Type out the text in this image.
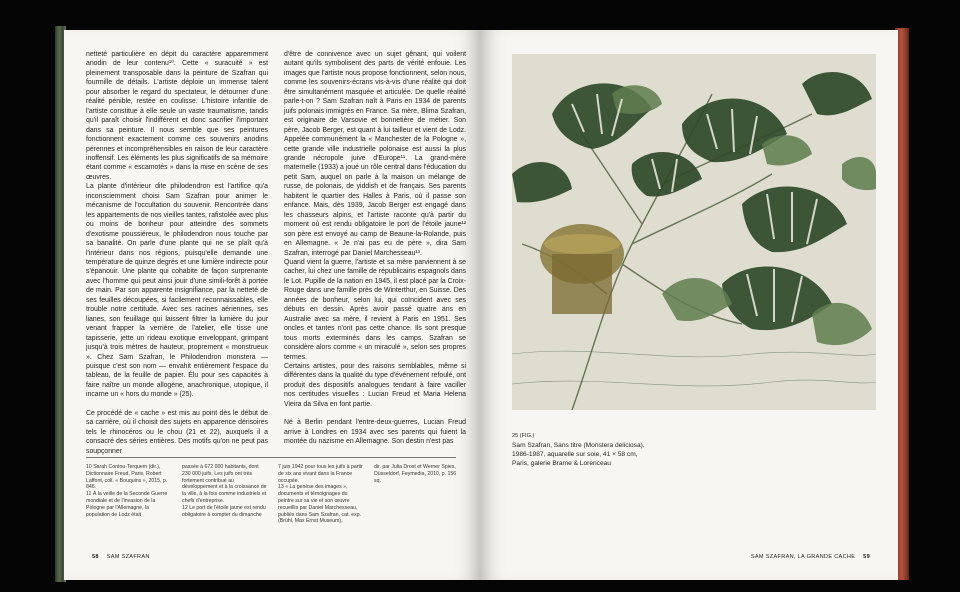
netteté particulière en dépit du caractère apparemment anodin de leur contenu¹⁰. Cette « suracuité » est pleinement transposable dans la peinture de Szafran qui fourmille de détails. L'artiste déploie un immense talent pour absorber le regard du spectateur, le détourner d'une réalité pénible, restée en coulisse. L'histoire infantile de l'artiste constitue à elle seule un vaste traumatisme, tandis qu'il paraît choisir l'indifférent et donc sacrifier l'important dans sa peinture. Il nous semble que ses peintures fonctionnent exactement comme ces souvenirs anodins pérennes et incompréhensibles en raison de leur caractère inoffensif. Les éléments les plus significatifs de sa mémoire étant comme « escamotés » dans la mise en scène de ses œuvres.

La plante d'intérieur dite philodendron est l'artifice qu'a inconsciemment choisi Sam Szafran pour animer le mécanisme de l'occultation du souvenir. Rencontrée dans les appartements de nos vieilles tantes, rafistolée avec plus ou moins de bonheur pour atteindre des sommets d'exotisme poussiéreux, le philodendron nous touche par sa banalité. On parle d'une plante qui ne se plaît qu'à l'intérieur dans nos régions, puisqu'elle demande une température de quinze degrés et une lumière indirecte pour s'épanouir. Une plante qui cohabite de façon surprenante avec l'homme qui peut ainsi jouir d'une simili-forêt à portée de main. Par son apparente insignifiance, par la netteté de ses feuilles découpées, si facilement reconnaissables, elle trouble notre certitude. Avec ses racines aériennes, ses lianes, son feuillage qui laissent filtrer la lumière du jour venant frapper la verrière de l'atelier, elle tisse une tapisserie, jette un rideau exotique enveloppant, grimpant jusqu'à trois mètres de hauteur, proprement « monstrueux ». Chez Sam Szafran, le Philodendron monstera — puisque c'est son nom — envahit entièrement l'espace du tableau, de la feuille de papier. Élu pour ses capacités à faire naître un monde allogène, anachronique, utopique, il incarne un « hors du monde » (25).

Ce procédé de « cache » est mis au point dès le début de sa carrière, où il choisit des sujets en apparence dérisoires tels le rhinocéros ou le chou (21 et 22), auxquels il a consacré des séries entières. Des motifs qu'on ne peut pas soupçonner

d'être de connivence avec un sujet gênant, qui voilent autant qu'ils symbolisent des parts de vérité enfouie. Les images que l'artiste nous propose fonctionnent, selon nous, comme les souvenirs-écrans vis-à-vis d'une réalité qui doit être simultanément masquée et articulée. De quelle réalité parle-t-on ? Sam Szafran naît à Paris en 1934 de parents juifs polonais immigrés en France. Sa mère, Blima Szafran, est originaire de Varsovie et bonnetière de métier. Son père, Jacob Berger, est quant à lui tailleur et vient de Lodz. Appelée communément la « Manchester de la Pologne », cette grande ville industrielle polonaise est aussi la plus grande nécropole juive d'Europe¹¹. La grand-mère maternelle (1933) a joué un rôle central dans l'éducation du petit Sam, auquel on parle à la maison un mélange de russe, de polonais, de yiddish et de français. Ses parents habitent le quartier des Halles à Paris, où il passe son enfance. Mais, dès 1939, Jacob Berger est engagé dans les chasseurs alpins, et l'artiste raconte qu'à partir du moment où est rendu obligatoire le port de l'étoile jaune¹² son père est envoyé au camp de Beaune-la-Rolande, puis en Allemagne. « Je n'ai pas eu de père », dira Sam Szafran, interrogé par Daniel Marchesseau¹³.

Quand vient la guerre, l'artiste et sa mère parviennent à se cacher, lui chez une famille de républicains espagnols dans le Lot. Pupille de la nation en 1945, il est placé par la Croix-Rouge dans une famille près de Winterthur, en Suisse. Des années de bonheur, selon lui, qui coïncident avec ses débuts en dessin. Après avoir passé quatre ans en Australie avec sa mère, il revient à Paris en 1951. Ses oncles et tantes n'ont pas cette chance. Ils sont presque tous morts exterminés dans les camps. Szafran se considère alors comme « un miraculé », selon ses propres termes.

Certains artistes, pour des raisons semblables, même si différentes dans la qualité du type d'événement refoulé, ont produit des dispositifs analogues tendant à faire vaciller nos certitudes visuelles : Lucian Freud et Maria Helena Vieira da Silva en font partie.

Né à Berlin pendant l'entre-deux-guerres, Lucian Freud arrive à Londres en 1934 avec ses parents qui fuient la montée du nazisme en Allemagne. Son destin n'est pas

10 Sarah Contou-Terquem (dir.), Dictionnaire Freud, Paris, Robert Laffont, coll. « Bouquins », 2015, p. 846.
11 À la veille de la Seconde Guerre mondiale et de l'invasion de la Pologne par l'Allemagne, la population de Lodz était
passée à 672 000 habitants, dont 230 000 juifs. Les juifs ont très fortement contribué au développement et à la croissance de la ville, à la fois comme industriels et chefs d'entreprise.
12 Le port de l'étoile jaune est rendu obligatoire à compter du dimanche
7 juin 1942 pour tous les juifs à partir de six ans vivant dans la France occupée.
13 « La genèse des images », documents et témoignages du peintre sur sa vie et son œuvre recueillis par Daniel Marchesseau, publiés dans Sam Szafran, cat. exp. (Brühl, Max Ernst Museum),
dir. par Julia Drost et Werner Spies, Düsseldorf, Feymedia, 2010, p. 156 sq.
58 SAM SZAFRAN

25 (FIG.)

Sam Szafran, Sans titre (Monstera deliciosa),

1986-1987, aquarelle sur soie, 41 × 58 cm,

Paris, galerie Brame & Lorenceau

SAM SZAFRAN, LA GRANDE CACHE 59
